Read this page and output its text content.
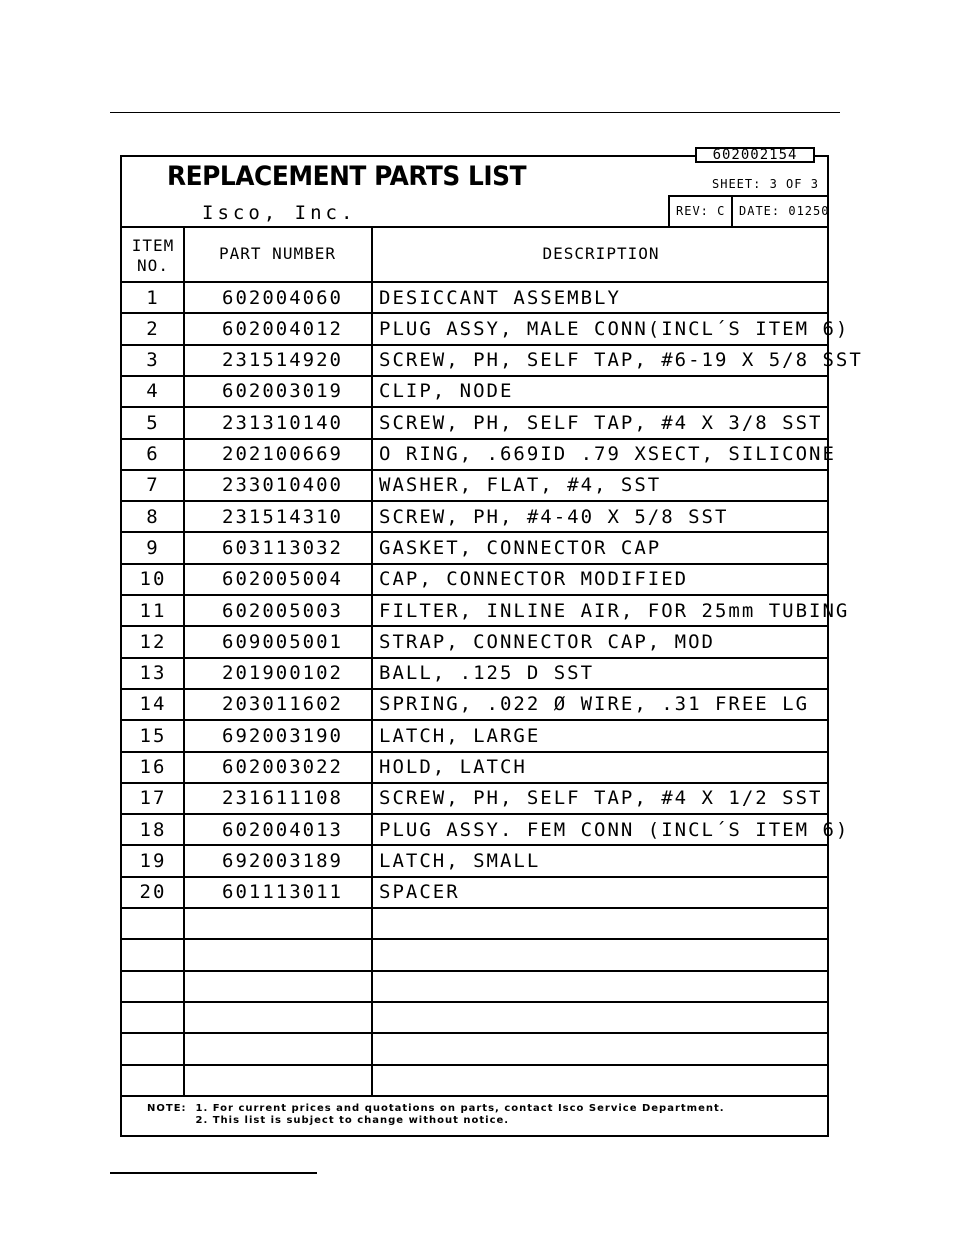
REPLACEMENT PARTS LIST
Isco, Inc.
602002154
SHEET: 3 OF 3
REV: C DATE: 01250
ITEM
NO.
PART NUMBER	DESCRIPTION
1	602004060 DESICCANT ASSEMBLY
2	602004012 PLUG ASSY, MALE CONN(INCL´S ITEM 6)
3	231514920 SCREW, PH, SELF TAP, #6-19 X 5/8 SST
4	602003019 CLIP, NODE
5	231310140 SCREW, PH, SELF TAP, #4 X 3/8 SST
6	202100669 O RING, .669ID .79 XSECT, SILICONE
7	233010400 WASHER, FLAT, #4, SST
8	231514310 SCREW, PH, #4-40 X 5/8 SST
9	603113032 GASKET, CONNECTOR CAP
10	602005004 CAP, CONNECTOR MODIFIED
11	602005003 FILTER, INLINE AIR, FOR 25mm TUBING
12	609005001 STRAP, CONNECTOR CAP, MOD
13	201900102 BALL, .125 D SST
14	203011602 SPRING, .022 Ø WIRE, .31 FREE LG
15	692003190 LATCH, LARGE
16	602003022 HOLD, LATCH
17	231611108 SCREW, PH, SELF TAP, #4 X 1/2 SST
18	602004013 PLUG ASSY. FEM CONN (INCL´S ITEM 6)
19	692003189 LATCH, SMALL
20	601113011 SPACER
NOTE: 1. For current prices and quotations on parts, contact Isco Service Department.
2. This list is subject to change without notice.
